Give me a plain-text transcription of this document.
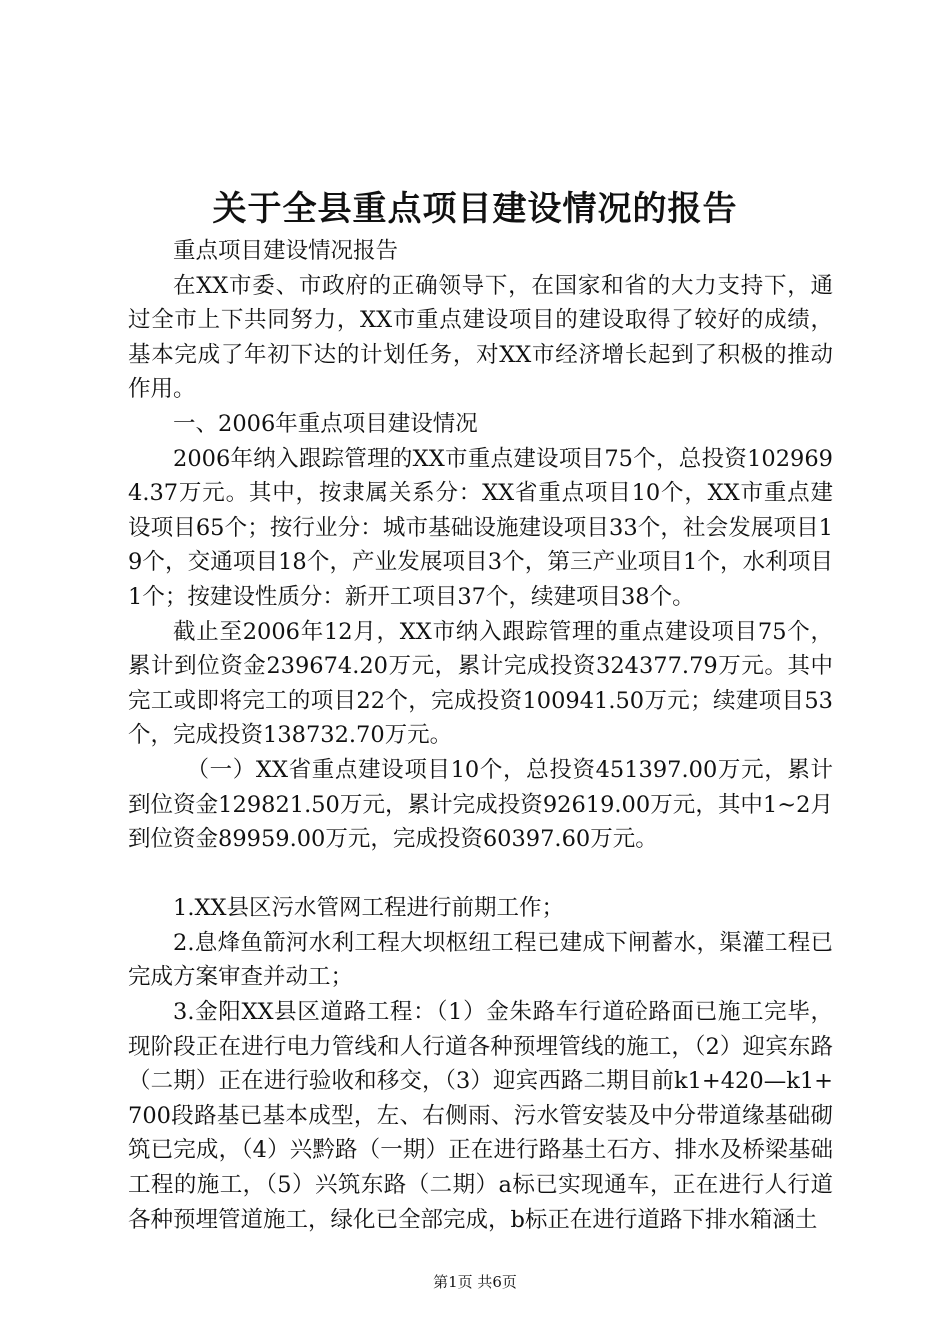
关于全县重点项目建设情况的报告

重点项目建设情况报告

在XX市委、市政府的正确领导下，在国家和省的大力支持下，通过全市上下共同努力，XX市重点建设项目的建设取得了较好的成绩，基本完成了年初下达的计划任务，对XX市经济增长起到了积极的推动作用。

一、2006年重点项目建设情况

2006年纳入跟踪管理的XX市重点建设项目75个，总投资1029694.37万元。其中，按隶属关系分：XX省重点项目10个，XX市重点建设项目65个；按行业分：城市基础设施建设项目33个，社会发展项目19个，交通项目18个，产业发展项目3个，第三产业项目1个，水利项目1个；按建设性质分：新开工项目37个，续建项目38个。

截止至2006年12月，XX市纳入跟踪管理的重点建设项目75个，累计到位资金239674.20万元，累计完成投资324377.79万元。其中完工或即将完工的项目22个，完成投资100941.50万元；续建项目53个，完成投资138732.70万元。

（一）XX省重点建设项目10个，总投资451397.00万元，累计到位资金129821.50万元，累计完成投资92619.00万元，其中1~2月到位资金89959.00万元，完成投资60397.60万元。

1.XX县区污水管网工程进行前期工作；

2.息烽鱼箭河水利工程大坝枢纽工程已建成下闸蓄水，渠灌工程已完成方案审查并动工；

3.金阳XX县区道路工程：（1）金朱路车行道砼路面已施工完毕，现阶段正在进行电力管线和人行道各种预埋管线的施工，（2）迎宾东路（二期）正在进行验收和移交，（3）迎宾西路二期目前k1+420—k1+700段路基已基本成型，左、右侧雨、污水管安装及中分带道缘基础砌筑已完成，（4）兴黔路（一期）正在进行路基土石方、排水及桥梁基础工程的施工，（5）兴筑东路（二期）a标已实现通车，正在进行人行道各种预埋管道施工，绿化已全部完成，b标正在进行道路下排水箱涵土

第1页 共6页
